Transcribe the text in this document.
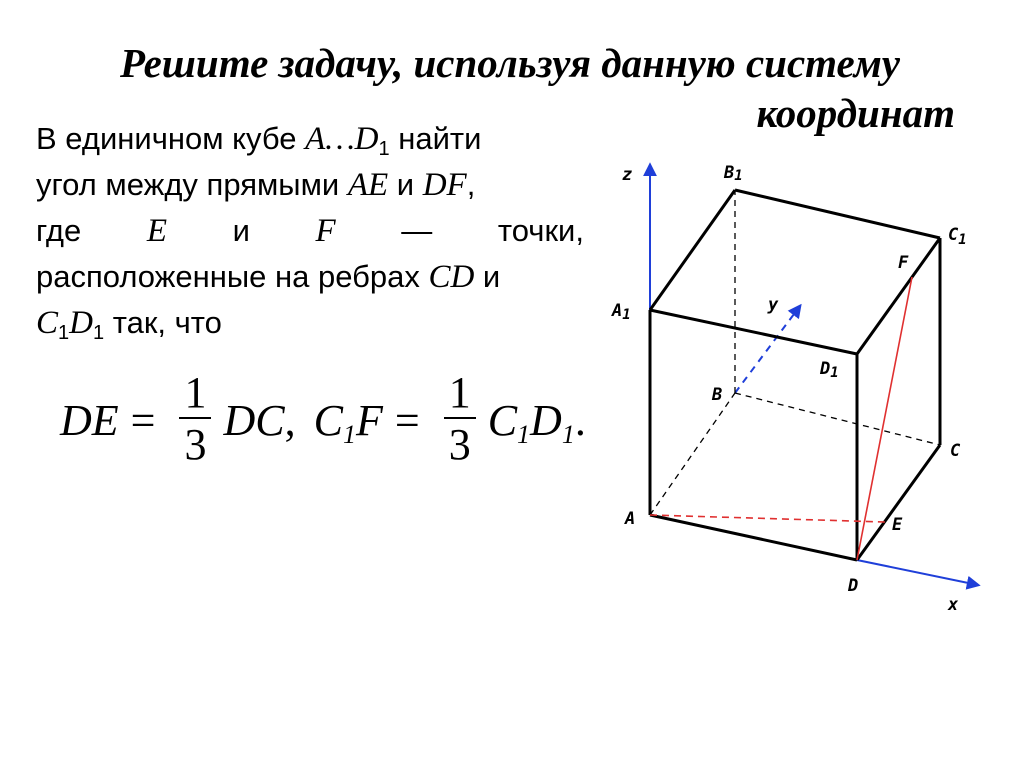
Решите задачу, используя данную систему
координат
В единичном кубе $A\dots D_1$ найти
угол между прямыми AE и DF,
где E и F — точки,
расположенные на ребрах CD и
$C_1D_1$ так, что
DE = $\frac{1}{3}$ DC , $C_1F = \frac{1}{3} C_1D_1$ .
z
y
x
B1
$C_1$
A1
D1
B
C
A
D
E
F
